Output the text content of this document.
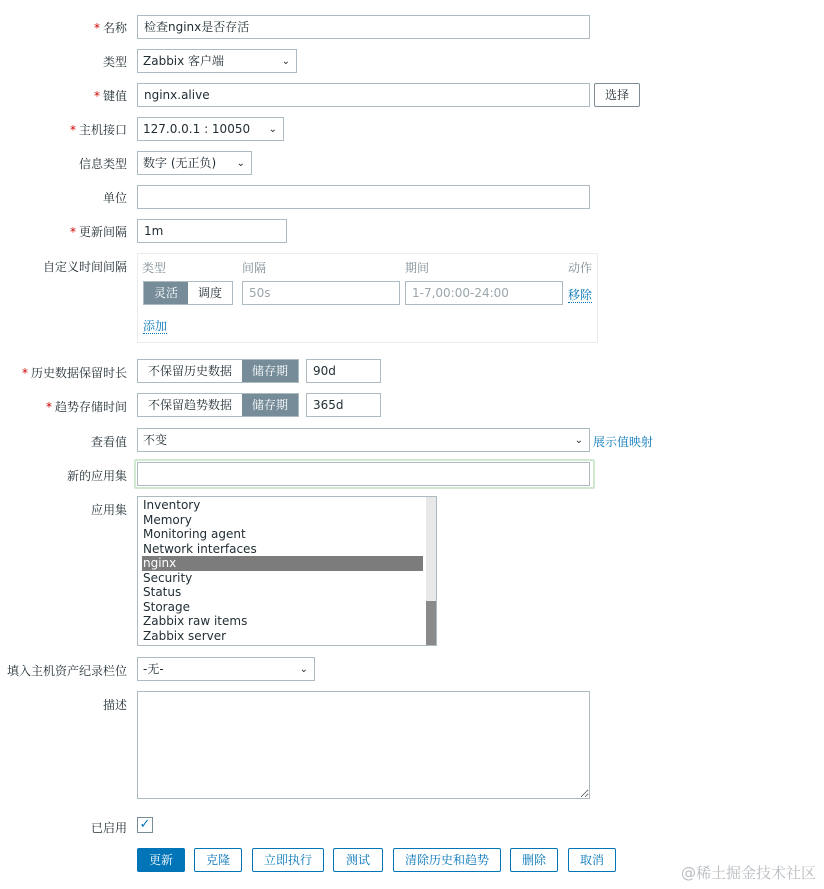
* 名称	检查nginx是否存活
类型	Zabbix 客户端	⌄
* 键值	nginx.alive	选择
* 主机接口	127.0.0.1 : 10050 ⌄
信息类型	数字 (无正负) ⌄
单位
* 更新间隔	1m
自定义时间间隔 类型	间隔	期间	动作
灵活	调度	50s	1-7,00:00-24:00	移除
添加
* 历史数据保留时长	不保留历史数据	储存期	90d
* 趋势存储时间	不保留趋势数据	储存期	365d
查看值	不变	⌄ 展示值映射
新的应用集
应用集 Inventory
Memory
Monitoring agent
Network interfaces
nginx
Security
Status
Storage
Zabbix raw items
Zabbix server
填入主机资产纪录栏位	-无-	⌄
描述
已启用 ✓
更新	克隆	立即执行	测试	清除历史和趋势	删除	取消
@稀土掘金技术社区
